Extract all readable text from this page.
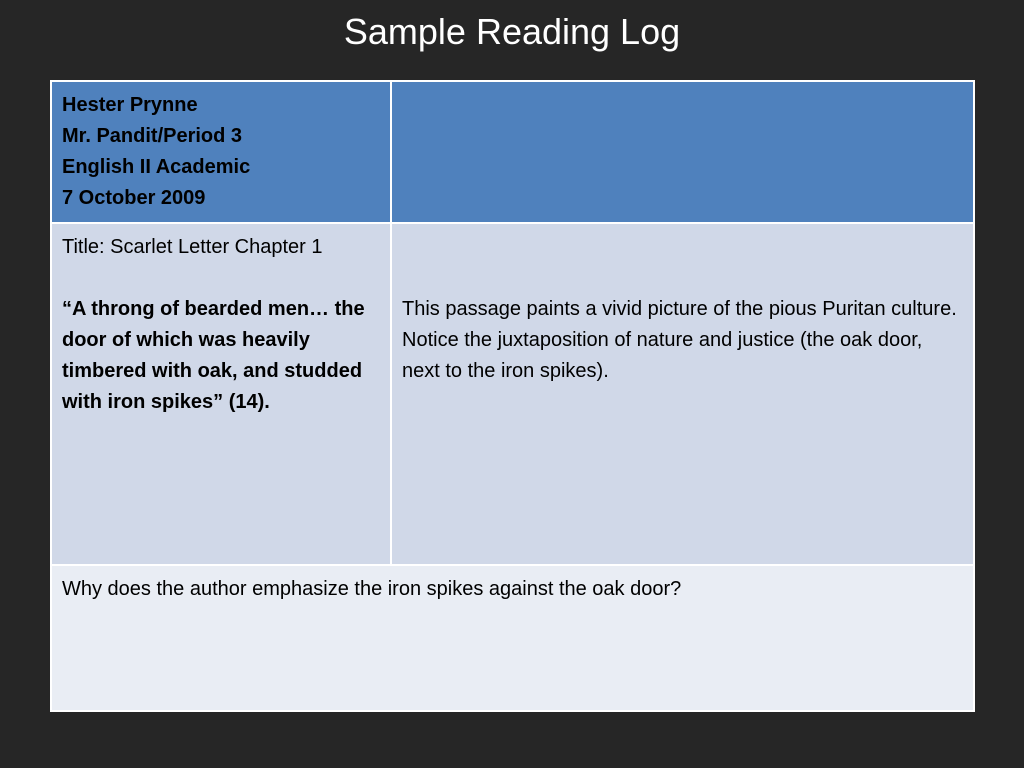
Sample Reading Log
Hester Prynne
Mr. Pandit/Period 3
English II Academic
7 October 2009	

Title: Scarlet Letter Chapter 1
“A throng of bearded men… the door of which was heavily timbered with oak, and studded with iron spikes” (14).	This passage paints a vivid picture of the pious Puritan culture. Notice the juxtaposition of nature and justice (the oak door, next to the iron spikes).

Why does the author emphasize the iron spikes against the oak door?	
